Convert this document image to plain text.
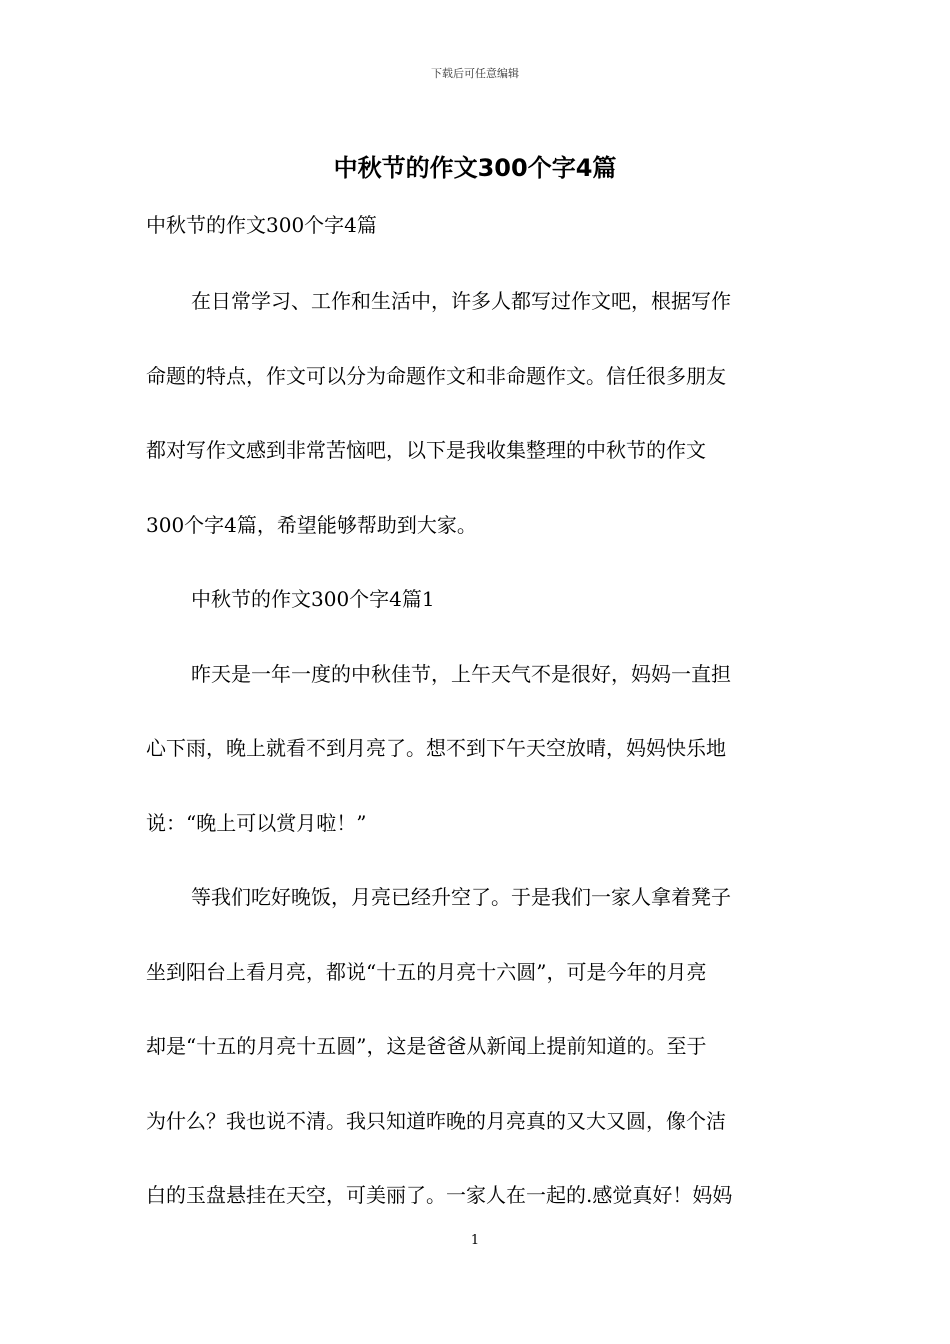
下载后可任意编辑
中秋节的作文300个字4篇
中秋节的作文300个字4篇
在日常学习、工作和生活中，许多人都写过作文吧，根据写作
命题的特点，作文可以分为命题作文和非命题作文。信任很多朋友
都对写作文感到非常苦恼吧，以下是我收集整理的中秋节的作文
300个字4篇，希望能够帮助到大家。
中秋节的作文300个字4篇1
昨天是一年一度的中秋佳节，上午天气不是很好，妈妈一直担
心下雨，晚上就看不到月亮了。想不到下午天空放晴，妈妈快乐地
说：“晚上可以赏月啦！”
等我们吃好晚饭，月亮已经升空了。于是我们一家人拿着凳子
坐到阳台上看月亮，都说“十五的月亮十六圆”，可是今年的月亮
却是“十五的月亮十五圆”，这是爸爸从新闻上提前知道的。至于
为什么？我也说不清。我只知道昨晚的月亮真的又大又圆，像个洁
白的玉盘悬挂在天空，可美丽了。一家人在一起的.感觉真好！妈妈
1
